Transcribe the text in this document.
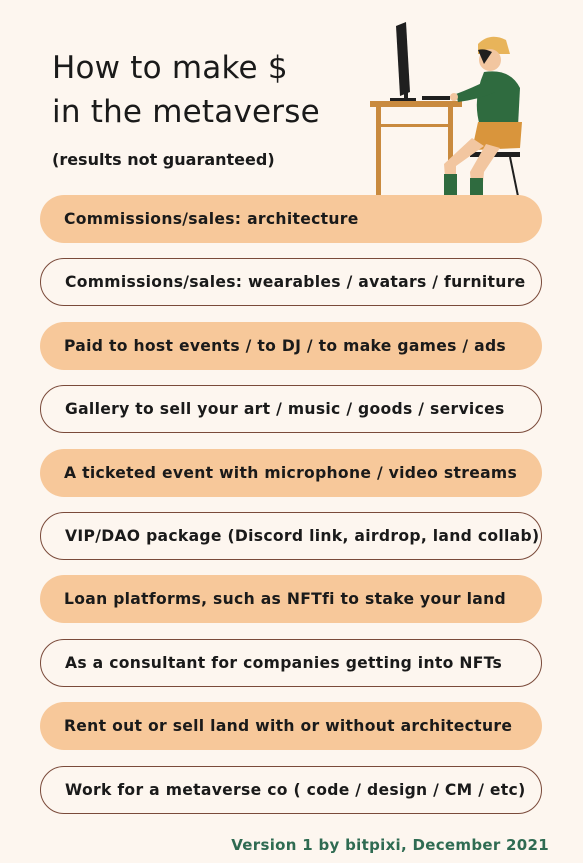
How to make $
in the metaverse

(results not guaranteed)

Commissions/sales: architecture
Commissions/sales: wearables / avatars / furniture
Paid to host events / to DJ / to make games / ads
Gallery to sell your art / music / goods / services
A ticketed event with microphone / video streams
VIP/DAO package (Discord link, airdrop, land collab)
Loan platforms, such as NFTfi to stake your land
As a consultant for companies getting into NFTs
Rent out or sell land with or without architecture
Work for a metaverse co ( code / design / CM / etc)

Version 1 by bitpixi, December 2021
